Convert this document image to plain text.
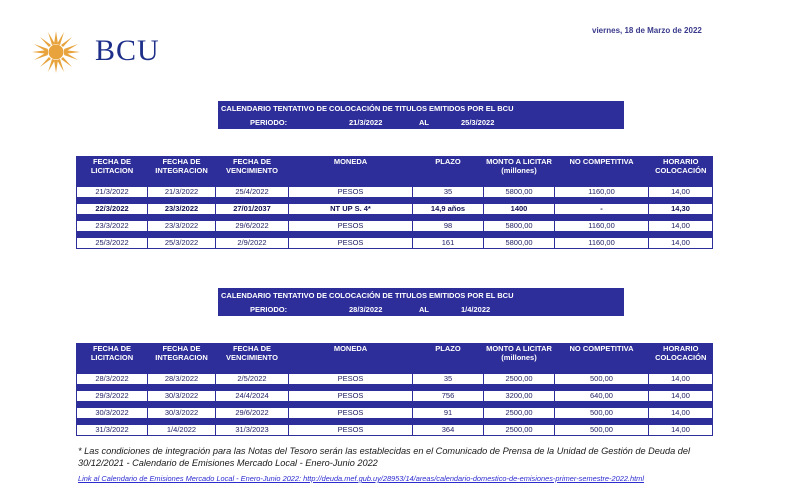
BCU
viernes, 18 de Marzo de 2022
CALENDARIO TENTATIVO DE COLOCACIÓN DE TITULOS EMITIDOS POR EL BCU
PERIODO:	21/3/2022	AL	25/3/2022
FECHA DE LICITACION	FECHA DE INTEGRACION	FECHA DE VENCIMIENTO	MONEDA	PLAZO	MONTO A LICITAR (millones)	NO COMPETITIVA	HORARIO COLOCACIÓN
21/3/2022	21/3/2022	25/4/2022	PESOS	35	5800,00	1160,00	14,00

22/3/2022	23/3/2022	27/01/2037	NT UP S. 4*	14,9 años	1400	-	14,30

23/3/2022	23/3/2022	29/6/2022	PESOS	98	5800,00	1160,00	14,00

25/3/2022	25/3/2022	2/9/2022	PESOS	161	5800,00	1160,00	14,00
CALENDARIO TENTATIVO DE COLOCACIÓN DE TITULOS EMITIDOS POR EL BCU
PERIODO:	28/3/2022	AL	1/4/2022
FECHA DE LICITACION	FECHA DE INTEGRACION	FECHA DE VENCIMIENTO	MONEDA	PLAZO	MONTO A LICITAR (millones)	NO COMPETITIVA	HORARIO COLOCACIÓN
28/3/2022	28/3/2022	2/5/2022	PESOS	35	2500,00	500,00	14,00

29/3/2022	30/3/2022	24/4/2024	PESOS	756	3200,00	640,00	14,00

30/3/2022	30/3/2022	29/6/2022	PESOS	91	2500,00	500,00	14,00

31/3/2022	1/4/2022	31/3/2023	PESOS	364	2500,00	500,00	14,00
* Las condiciones de integración para las Notas del Tesoro serán las establecidas en el Comunicado de Prensa de la Unidad de Gestión de Deuda del 30/12/2021 - Calendario de Emisiones Mercado Local - Enero-Junio 2022
Link al Calendario de Emisiones Mercado Local - Enero-Junio 2022: http://deuda.mef.gub.uy/28953/14/areas/calendario-domestico-de-emisiones-primer-semestre-2022.html
